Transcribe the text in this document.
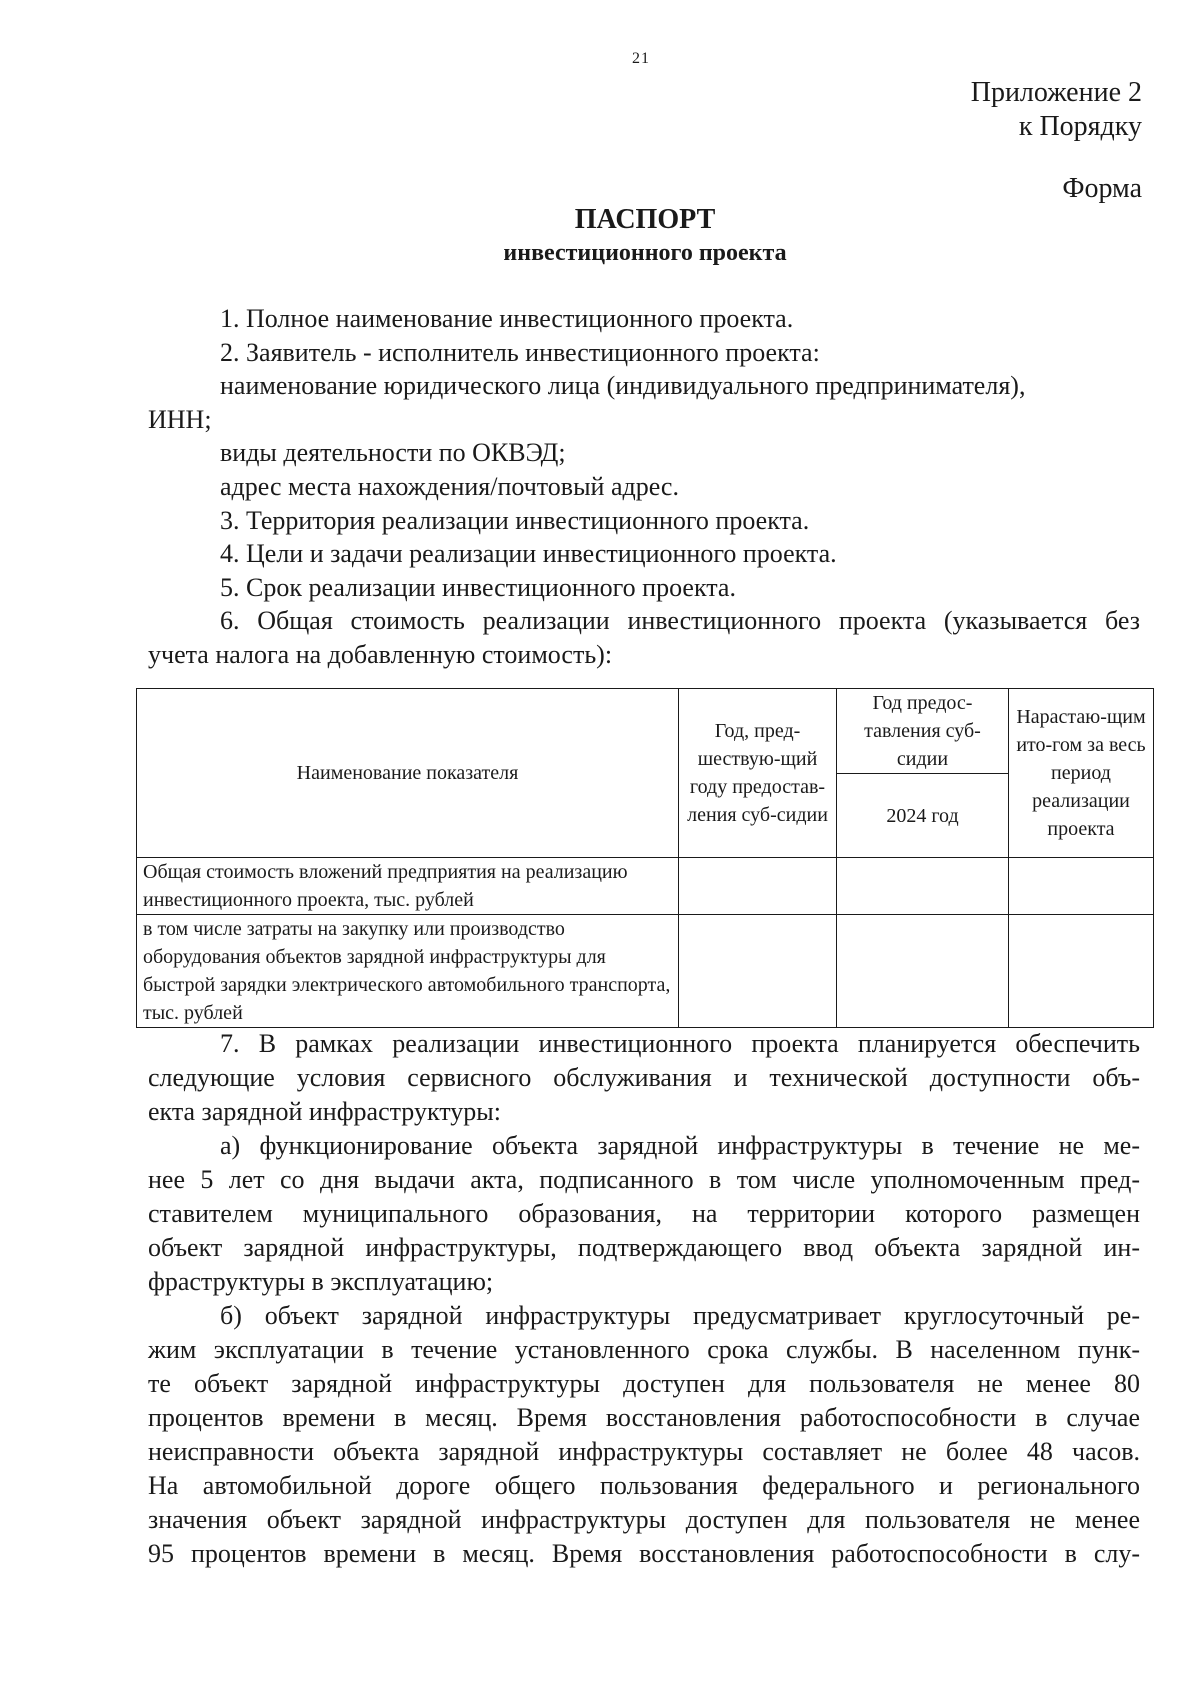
21
Приложение 2
к Порядку
Форма
ПАСПОРТ
инвестиционного проекта
1. Полное наименование инвестиционного проекта.
2. Заявитель - исполнитель инвестиционного проекта:
наименование юридического лица (индивидуального предпринимателя),
ИНН;
виды деятельности по ОКВЭД;
адрес места нахождения/почтовый адрес.
3. Территория реализации инвестиционного проекта.
4. Цели и задачи реализации инвестиционного проекта.
5. Срок реализации инвестиционного проекта.
6. Общая стоимость реализации инвестиционного проекта (указывается без
учета налога на добавленную стоимость):
Наименование показателя	Год, пред-шествую-щий году предостав-ления суб-сидии	Год предос-тавления суб-сидии	Нарастаю-щим ито-гом за весь период реализации проекта
		2024 год	
Общая стоимость вложений предприятия на реализацию инвестиционного проекта, тыс. рублей			
в том числе затраты на закупку или производство оборудования объектов зарядной инфраструктуры для быстрой зарядки электрического автомобильного транспорта, тыс. рублей			
7. В рамках реализации инвестиционного проекта планируется обеспечить
следующие условия сервисного обслуживания и технической доступности объ-
екта зарядной инфраструктуры:
а) функционирование объекта зарядной инфраструктуры в течение не ме-
нее 5 лет со дня выдачи акта, подписанного в том числе уполномоченным пред-
ставителем муниципального образования, на территории которого размещен
объект зарядной инфраструктуры, подтверждающего ввод объекта зарядной ин-
фраструктуры в эксплуатацию;
б) объект зарядной инфраструктуры предусматривает круглосуточный ре-
жим эксплуатации в течение установленного срока службы. В населенном пунк-
те объект зарядной инфраструктуры доступен для пользователя не менее 80
процентов времени в месяц. Время восстановления работоспособности в случае
неисправности объекта зарядной инфраструктуры составляет не более 48 часов.
На автомобильной дороге общего пользования федерального и регионального
значения объект зарядной инфраструктуры доступен для пользователя не менее
95 процентов времени в месяц. Время восстановления работоспособности в слу-
